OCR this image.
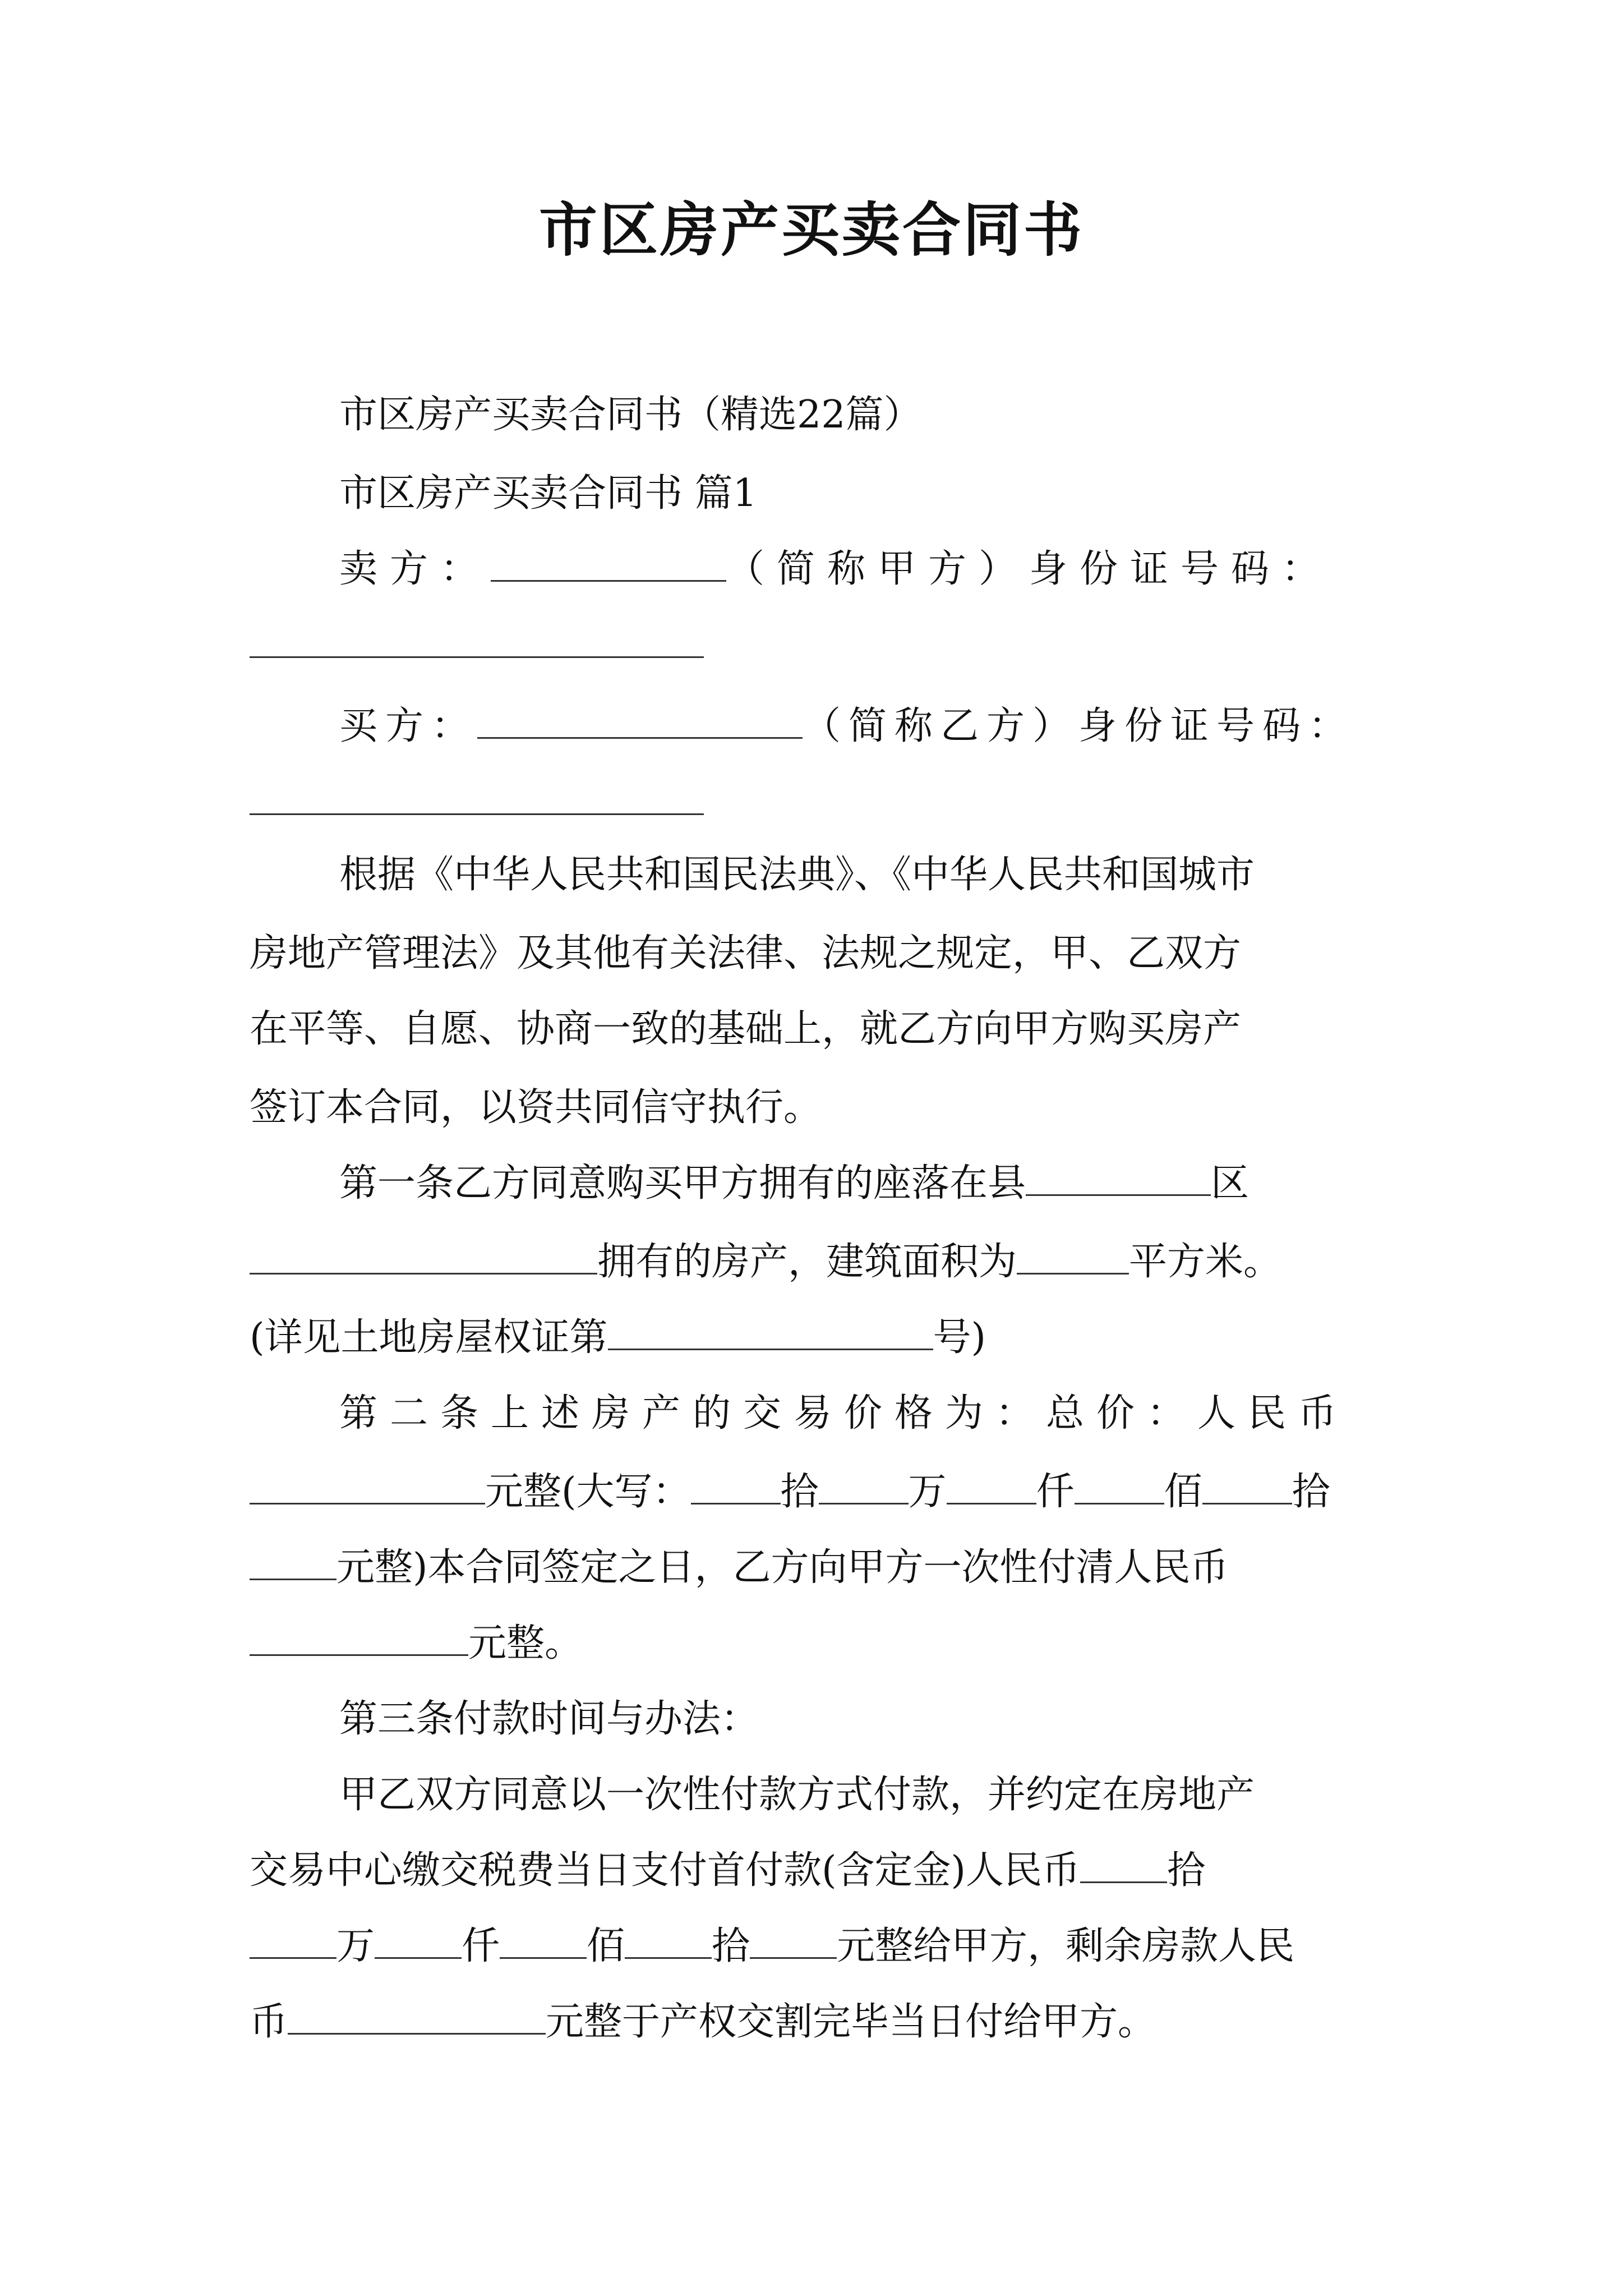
市区房产买卖合同书
市区房产买卖合同书（精选22篇）
市区房产买卖合同书 篇1
卖方：	（简称甲方）身份证号码：
买方：	（简称乙方）身份证号码：
根据《中华人民共和国民法典》、《中华人民共和国城市
房地产管理法》及其他有关法律、法规之规定，甲、乙双方
在平等、自愿、协商一致的基础上，就乙方向甲方购买房产
签订本合同，以资共同信守执行。
第一条乙方同意购买甲方拥有的座落在县	区
拥有的房产，建筑面积为	平方米。
(详见土地房屋权证第	号)
第二条上述房产的交易价格为：总价：人民币
元整(大写： 拾 万 仟 佰 拾
元整)本合同签定之日，乙方向甲方一次性付清人民币
元整。
第三条付款时间与办法：
甲乙双方同意以一次性付款方式付款，并约定在房地产
交易中心缴交税费当日支付首付款(含定金)人民币 拾
万 仟 佰 拾 元整给甲方，剩余房款人民
币	元整于产权交割完毕当日付给甲方。
